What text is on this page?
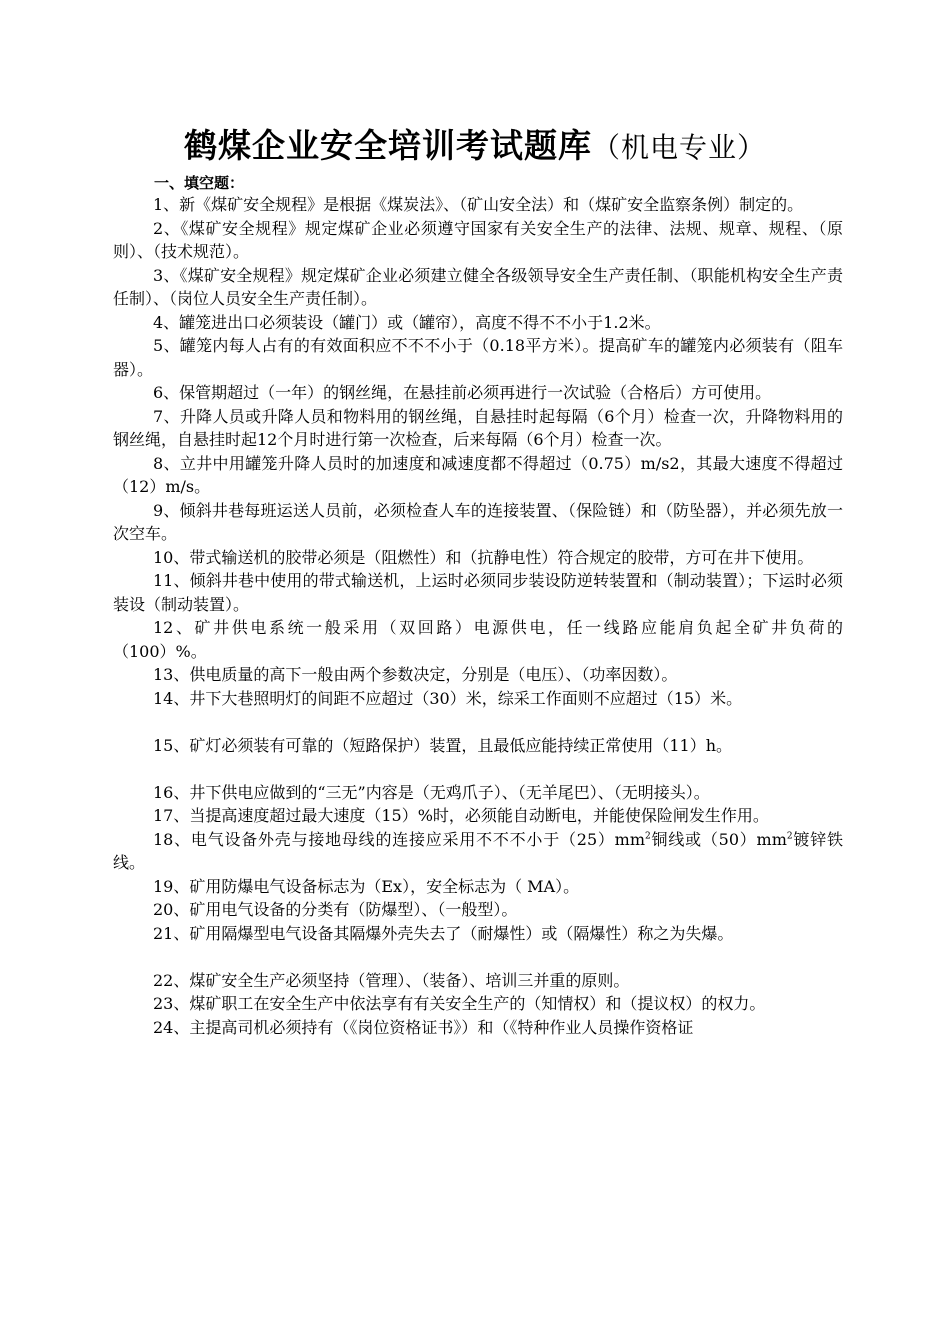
鹤煤企业安全培训考试题库（机电专业）
一、填空题：

1、新《煤矿安全规程》是根据《煤炭法》、（矿山安全法）和（煤矿安全监察条例）制定的。

2、《煤矿安全规程》规定煤矿企业必须遵守国家有关安全生产的法律、法规、规章、规程、（原则）、（技术规范）。

3、《煤矿安全规程》规定煤矿企业必须建立健全各级领导安全生产责任制、（职能机构安全生产责任制）、（岗位人员安全生产责任制）。

4、罐笼进出口必须装设（罐门）或（罐帘），高度不得不不小于1.2米。

5、罐笼内每人占有的有效面积应不不不小于（0.18平方米）。提高矿车的罐笼内必须装有（阻车器）。

6、保管期超过（一年）的钢丝绳，在悬挂前必须再进行一次试验（合格后）方可使用。

7、升降人员或升降人员和物料用的钢丝绳，自悬挂时起每隔（6个月）检查一次，升降物料用的钢丝绳，自悬挂时起12个月时进行第一次检查，后来每隔（6个月）检查一次。

8、立井中用罐笼升降人员时的加速度和减速度都不得超过（0.75）m/s2，其最大速度不得超过（12）m/s。

9、倾斜井巷每班运送人员前，必须检查人车的连接装置、（保险链）和（防坠器），并必须先放一次空车。

10、带式输送机的胶带必须是（阻燃性）和（抗静电性）符合规定的胶带，方可在井下使用。

11、倾斜井巷中使用的带式输送机，上运时必须同步装设防逆转装置和（制动装置）；下运时必须装设（制动装置）。

12、矿井供电系统一般采用（双回路）电源供电，任一线路应能肩负起全矿井负荷的（100）%。

13、供电质量的高下一般由两个参数决定，分别是（电压）、（功率因数）。

14、井下大巷照明灯的间距不应超过（30）米，综采工作面则不应超过（15）米。

15、矿灯必须装有可靠的（短路保护）装置，且最低应能持续正常使用（11）h。

16、井下供电应做到的“三无”内容是（无鸡爪子）、（无羊尾巴）、（无明接头）。

17、当提高速度超过最大速度（15）%时，必须能自动断电，并能使保险闸发生作用。

18、电气设备外壳与接地母线的连接应采用不不不小于$(25)mm^2$铜线或$(50)mm^2$镀锌铁线。

19、矿用防爆电气设备标志为（Ex），安全标志为（ MA）。

20、矿用电气设备的分类有（防爆型）、（一般型）。

21、矿用隔爆型电气设备其隔爆外壳失去了（耐爆性）或（隔爆性）称之为失爆。

22、煤矿安全生产必须坚持（管理）、（装备）、培训三并重的原则。

23、煤矿职工在安全生产中依法享有有关安全生产的（知情权）和（提议权）的权力。

24、主提高司机必须持有（《岗位资格证书》）和（《特种作业人员操作资格证
